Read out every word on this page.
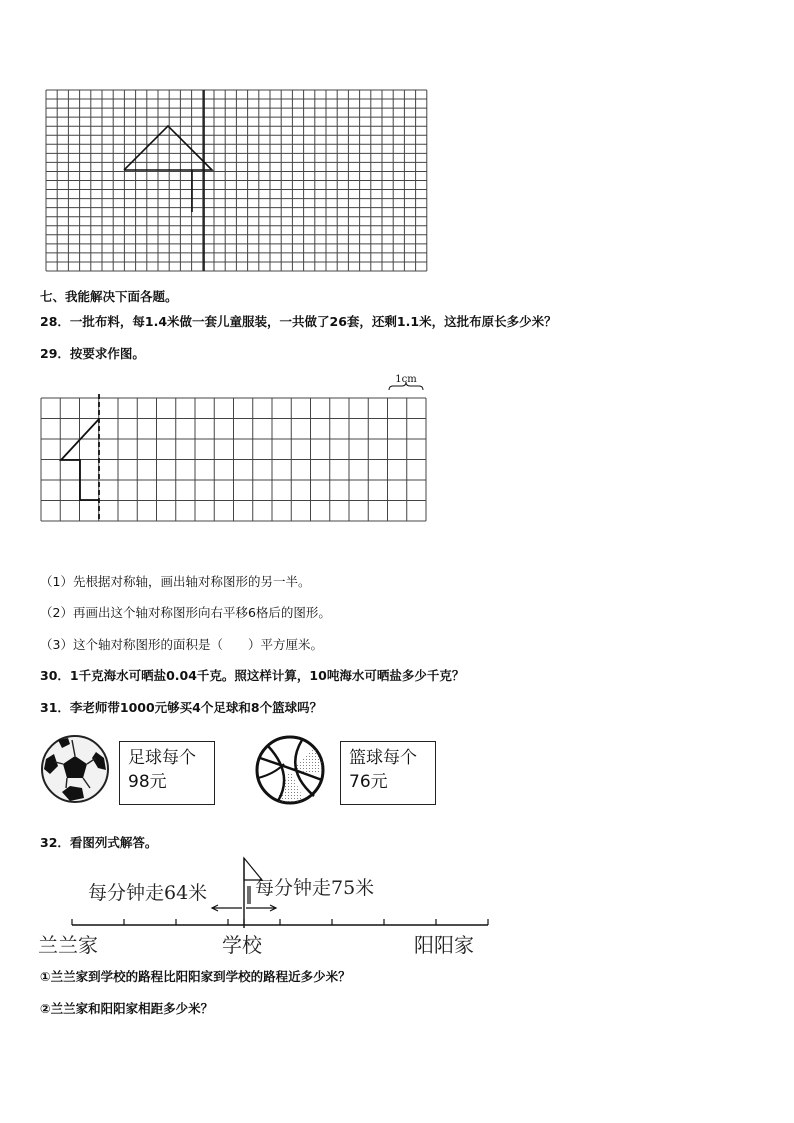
七、我能解决下面各题。
28．一批布料，每1.4米做一套儿童服装，一共做了26套，还剩1.1米，这批布原长多少米？
29．按要求作图。
1cm
（1）先根据对称轴，画出轴对称图形的另一半。
（2）再画出这个轴对称图形向右平移6格后的图形。
（3）这个轴对称图形的面积是（　　）平方厘米。
30．1千克海水可晒盐0.04千克。照这样计算，10吨海水可晒盐多少千克？
31．李老师带1000元够买4个足球和8个篮球吗？
足球每个
98元
篮球每个
76元
32．看图列式解答。
每分钟走64米	每分钟走75米
兰兰家	学校	阳阳家
①兰兰家到学校的路程比阳阳家到学校的路程近多少米？
②兰兰家和阳阳家相距多少米？
